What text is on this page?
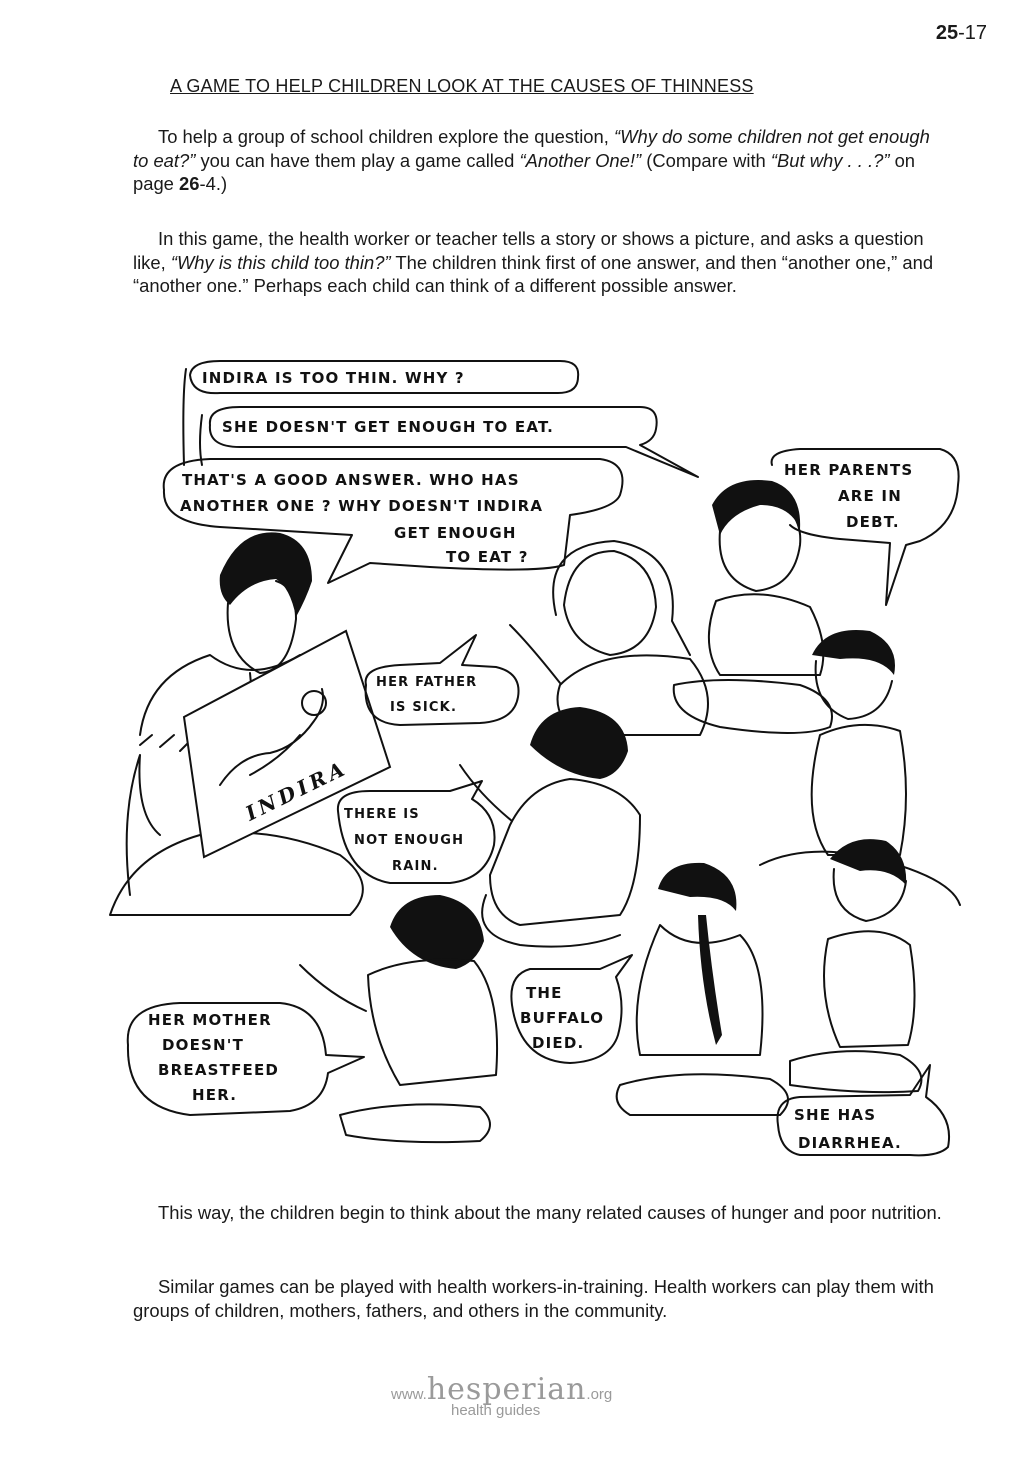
25-17
A GAME TO HELP CHILDREN LOOK AT THE CAUSES OF THINNESS

To help a group of school children explore the question, “Why do some children not get enough to eat?” you can have them play a game called “Another One!” (Compare with “But why . . .?” on page 26-4.)

In this game, the health worker or teacher tells a story or shows a picture, and asks a question like, “Why is this child too thin?” The children think first of one answer, and then “another one,” and “another one.” Perhaps each child can think of a different possible answer.

INDIRA IS TOO THIN. WHY ?
SHE DOESN'T GET ENOUGH TO EAT.
THAT'S A GOOD ANSWER. WHO HAS
ANOTHER ONE ? WHY DOESN'T INDIRA
GET ENOUGH
TO EAT ?
HER PARENTS
ARE IN
DEBT.
INDIRA
HER FATHER
IS SICK.
THERE IS
NOT ENOUGH
RAIN.
HER MOTHER
DOESN'T
BREASTFEED
HER.
THE
BUFFALO
DIED.
SHE HAS
DIARRHEA.

This way, the children begin to think about the many related causes of hunger and poor nutrition.

Similar games can be played with health workers-in-training. Health workers can play them with groups of children, mothers, fathers, and others in the community.

www.hesperian.org
health guides
